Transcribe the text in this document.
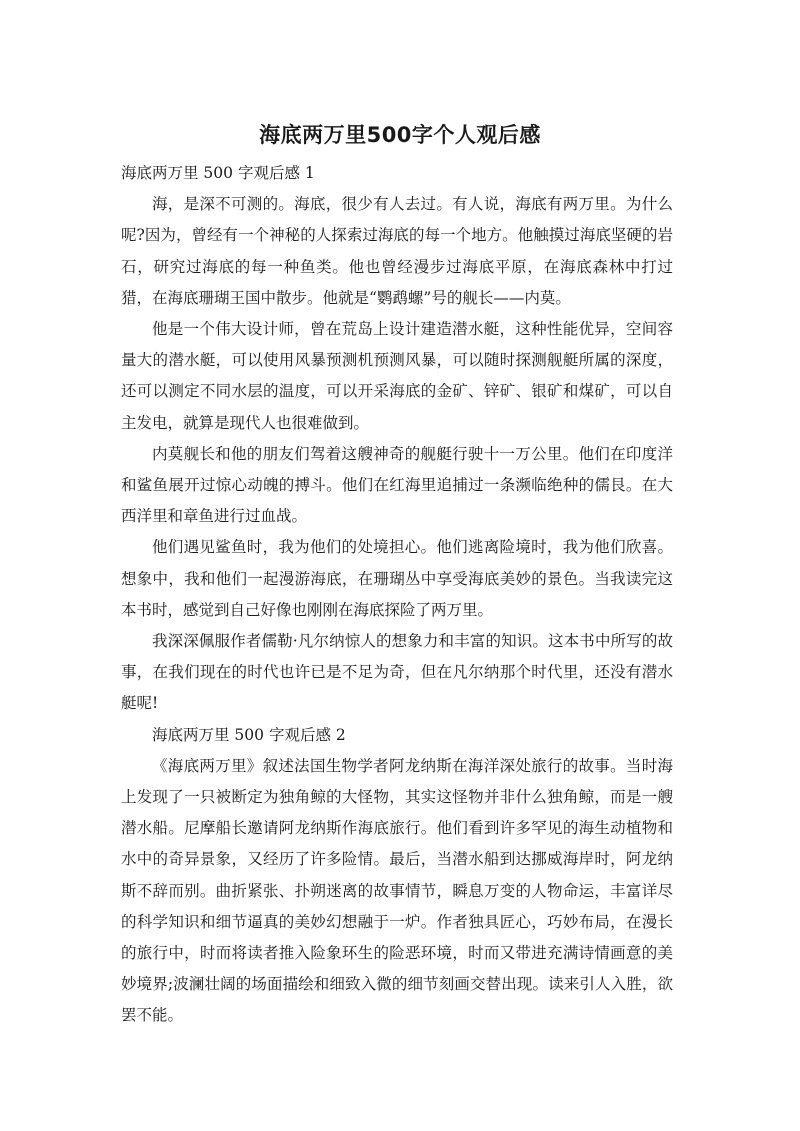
海底两万里500字个人观后感

海底两万里 500 字观后感 1

海，是深不可测的。海底，很少有人去过。有人说，海底有两万里。为什么呢?因为，曾经有一个神秘的人探索过海底的每一个地方。他触摸过海底坚硬的岩石，研究过海底的每一种鱼类。他也曾经漫步过海底平原，在海底森林中打过猎，在海底珊瑚王国中散步。他就是“鹦鹉螺”号的舰长——内莫。

他是一个伟大设计师，曾在荒岛上设计建造潜水艇，这种性能优异，空间容量大的潜水艇，可以使用风暴预测机预测风暴，可以随时探测舰艇所属的深度，还可以测定不同水层的温度，可以开采海底的金矿、锌矿、银矿和煤矿，可以自主发电，就算是现代人也很难做到。

内莫舰长和他的朋友们驾着这艘神奇的舰艇行驶十一万公里。他们在印度洋和鲨鱼展开过惊心动魄的搏斗。他们在红海里追捕过一条濒临绝种的儒艮。在大西洋里和章鱼进行过血战。

他们遇见鲨鱼时，我为他们的处境担心。他们逃离险境时，我为他们欣喜。想象中，我和他们一起漫游海底，在珊瑚丛中享受海底美妙的景色。当我读完这本书时，感觉到自己好像也刚刚在海底探险了两万里。

我深深佩服作者儒勒·凡尔纳惊人的想象力和丰富的知识。这本书中所写的故事，在我们现在的时代也许已是不足为奇，但在凡尔纳那个时代里，还没有潜水艇呢!

海底两万里 500 字观后感 2

《海底两万里》叙述法国生物学者阿龙纳斯在海洋深处旅行的故事。当时海上发现了一只被断定为独角鲸的大怪物，其实这怪物并非什么独角鲸，而是一艘潜水船。尼摩船长邀请阿龙纳斯作海底旅行。他们看到许多罕见的海生动植物和水中的奇异景象，又经历了许多险情。最后，当潜水船到达挪威海岸时，阿龙纳斯不辞而别。曲折紧张、扑朔迷离的故事情节，瞬息万变的人物命运，丰富详尽的科学知识和细节逼真的美妙幻想融于一炉。作者独具匠心，巧妙布局，在漫长的旅行中，时而将读者推入险象环生的险恶环境，时而又带进充满诗情画意的美妙境界;波澜壮阔的场面描绘和细致入微的细节刻画交替出现。读来引人入胜，欲罢不能。
